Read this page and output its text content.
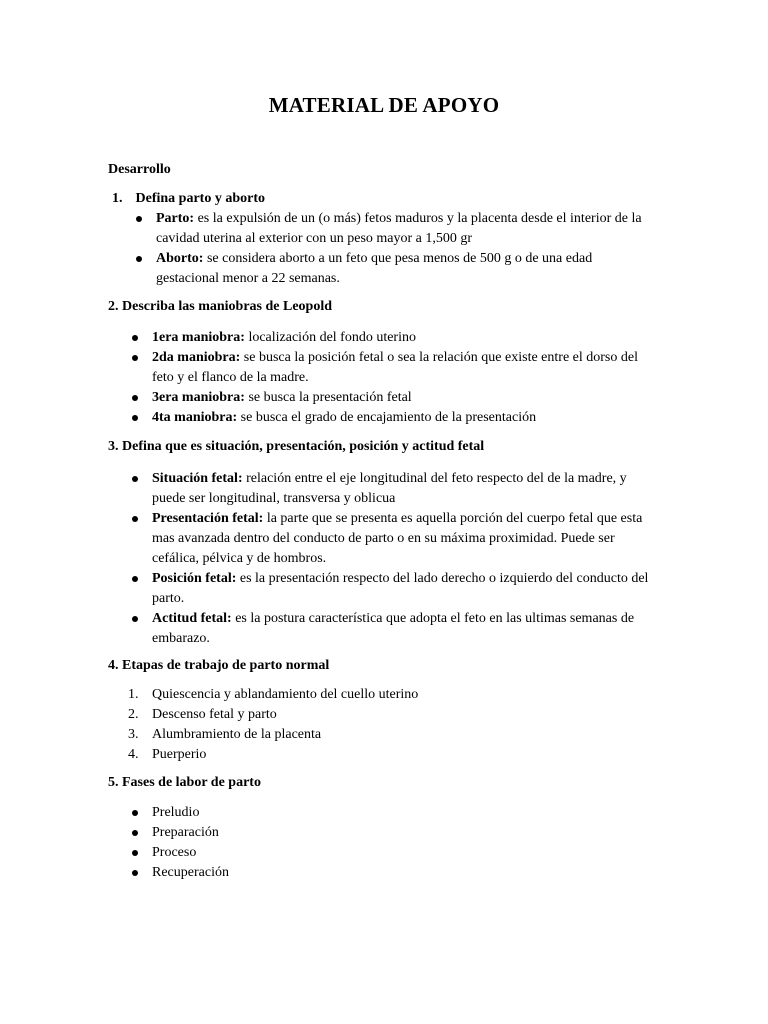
MATERIAL DE APOYO
Desarrollo
1. Defina parto y aborto
Parto: es la expulsión de un (o más) fetos maduros y la placenta desde el interior de la cavidad uterina al exterior con un peso mayor a 1,500 gr
Aborto: se considera aborto a un feto que pesa menos de 500 g o de una edad gestacional menor a 22 semanas.
2. Describa las maniobras de Leopold
1era maniobra: localización del fondo uterino
2da maniobra: se busca la posición fetal o sea la relación que existe entre el dorso del feto y el flanco de la madre.
3era maniobra: se busca la presentación fetal
4ta maniobra: se busca el grado de encajamiento de la presentación
3. Defina que es situación, presentación, posición y actitud fetal
Situación fetal: relación entre el eje longitudinal del feto respecto del de la madre, y puede ser longitudinal, transversa y oblicua
Presentación fetal: la parte que se presenta es aquella porción del cuerpo fetal que esta mas avanzada dentro del conducto de parto o en su máxima proximidad. Puede ser cefálica, pélvica y de hombros.
Posición fetal: es la presentación respecto del lado derecho o izquierdo del conducto del parto.
Actitud fetal: es la postura característica que adopta el feto en las ultimas semanas de embarazo.
4. Etapas de trabajo de parto normal
1. Quiescencia y ablandamiento del cuello uterino
2. Descenso fetal y parto
3. Alumbramiento de la placenta
4. Puerperio
5. Fases de labor de parto
Preludio
Preparación
Proceso
Recuperación
